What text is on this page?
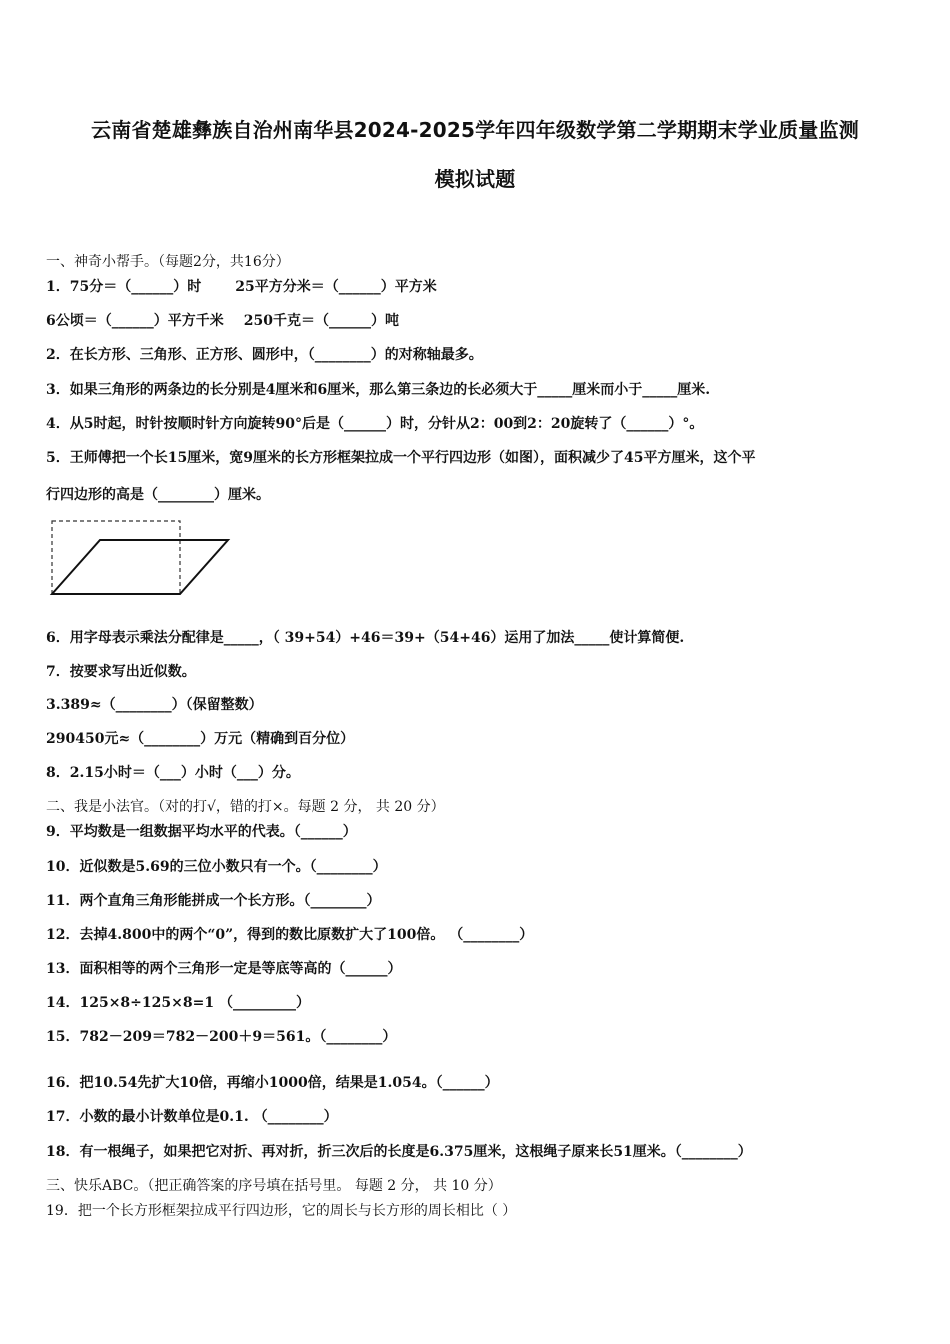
云南省楚雄彝族自治州南华县2024-2025学年四年级数学第二学期期末学业质量监测
模拟试题
一、神奇小帮手。（每题2分，共16分）
1．75分＝（______）时 25平方分米＝（______）平方米
6公顷＝（______）平方千米 250千克＝（______）吨
2．在长方形、三角形、正方形、圆形中，（________）的对称轴最多。
3．如果三角形的两条边的长分别是4厘米和6厘米，那么第三条边的长必须大于_____厘米而小于_____厘米.
4．从5时起，时针按顺时针方向旋转90°后是（______）时，分针从2：00到2：20旋转了（______）°。
5．王师傅把一个长15厘米，宽9厘米的长方形框架拉成一个平行四边形（如图），面积减少了45平方厘米，这个平
行四边形的高是（________）厘米。
6．用字母表示乘法分配律是_____，（ 39+54）+46＝39+（54+46）运用了加法_____使计算简便.
7．按要求写出近似数。
3.389≈（________）（保留整数）
290450元≈（________）万元（精确到百分位）
8．2.15小时＝（___）小时（___）分。
二、我是小法官。（对的打√，错的打×。每题 2 分， 共 20 分）
9．平均数是一组数据平均水平的代表。（______）
10．近似数是5.69的三位小数只有一个。（________）
11．两个直角三角形能拼成一个长方形。（________）
12．去掉4.800中的两个“0”，得到的数比原数扩大了100倍。 （________）
13．面积相等的两个三角形一定是等底等高的（______）
14．125×8÷125×8=1 （_________）
15．782－209＝782－200＋9＝561。（________）
16．把10.54先扩大10倍，再缩小1000倍，结果是1.054。（______）
17．小数的最小计数单位是0.1. （________）
18．有一根绳子，如果把它对折、再对折，折三次后的长度是6.375厘米，这根绳子原来长51厘米。（________）
三、快乐ABC。（把正确答案的序号填在括号里。 每题 2 分， 共 10 分）
19．把一个长方形框架拉成平行四边形，它的周长与长方形的周长相比（ ）
